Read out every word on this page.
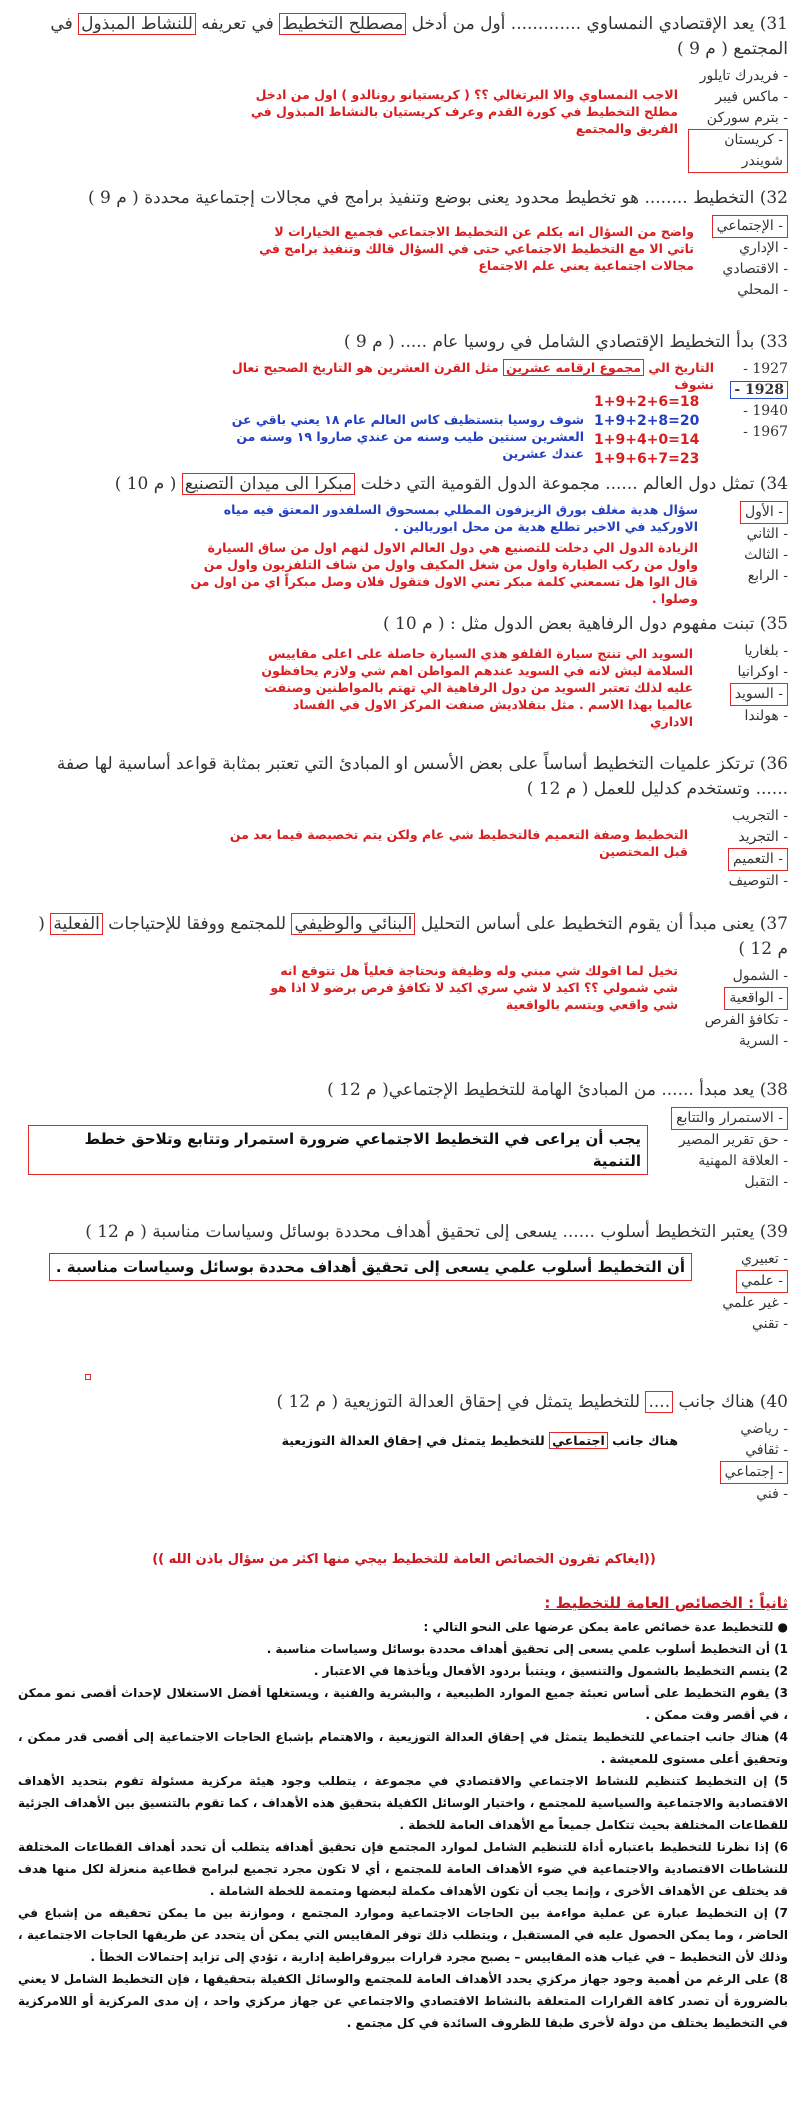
31) يعد الإقتصادي النمساوي ............. أول من أدخل مصطلح التخطيط في تعريفه للنشاط المبذول في المجتمع ( م 9 )
- فريدرك تايلور
- ماكس فيبر
- بترم سوركن
- كريستان شويندر
الاجب النمساوي والا البرتغالي ؟؟ ( كريستيانو رونالدو ) اول من ادخل مطلح التخطيط في كورة القدم وعرف كريستيان بالنشاط المبذول في الفريق والمجتمع
32) التخطيط ........ هو تخطيط محدود يعنى بوضع وتنفيذ برامج في مجالات إجتماعية محددة ( م 9 )
- الإجتماعي
- الإداري
- الاقتصادي
- المحلي
واضح من السؤال انه يكلم عن التخطيط الاجتماعي فجميع الخيارات لا تاتي الا مع التخطيط الاجتماعي حتى في السؤال قالك وتنفيذ برامج في مجالات اجتماعية يعني علم الاجتماع
33) بدأ التخطيط الإقتصادي الشامل في روسيا عام ..... ( م 9 )
1927 -
1928 -
1940 -
1967 -
التاريخ الي مجموع ارقامه عشرين مثل القرن العشرين هو التاريخ الصحيح تعال نشوف
1+9+2+6=18
1+9+2+8=20
1+9+4+0=14
1+9+6+7=23
شوف روسيا بتستظيف كاس العالم عام ١٨ يعني باقي عن العشرين سنتين طيب وسنه من عندي صاروا ١٩ وسنه من عندك عشرين
34) تمثل دول العالم ...... مجموعة الدول القومية التي دخلت مبكرا الى ميدان التصنيع ( م 10 )
- الأول
- الثاني
- الثالث
- الرابع
سؤال هدية مغلف بورق الزيزفون المطلي بمسحوق السلفدور المعتق فيه مياه الاوركيد في الاخير تطلع هدية من محل ابوريالين .
الزيادة الدول الي دخلت للتصنيع هي دول العالم الاول لنهم اول من ساق السيارة واول من ركب الطيارة واول من شغل المكيف واول من شاف التلفزيون واول من قال الوا هل تسمعني كلمة مبكر تعني الاول فتقول فلان وصل مبكراً اي من اول من وصلوا .
35) تبنت مفهوم دول الرفاهية بعض الدول مثل : ( م 10 )
- بلغاريا
- اوكرانيا
- السويد
- هولندا
السويد الي تنتج سيارة الفلفو هذي السيارة حاصلة على اعلى مقاييس السلامة ليش لانه في السويد عندهم المواطن اهم شي ولازم يحافظون عليه لذلك تعتبر السويد من دول الرفاهية الي تهتم بالمواطنين وصنفت عالميا بهذا الاسم . مثل بنقلاديش صنفت المركز الاول في الفساد الاداري
36) ترتكز علميات التخطيط أساساً على بعض الأسس او المبادئ التي تعتبر بمثابة قواعد أساسية لها صفة ...... وتستخدم كدليل للعمل ( م 12 )
- التجريب
- التجريد
- التعميم
- التوصيف
التخطيط وصفة التعميم فالتخطيط شي عام ولكن يتم تخصيصة فيما بعد من قبل المختصين
37) يعنى مبدأ أن يقوم التخطيط على أساس التحليل البنائي والوظيفي للمجتمع ووفقا للإحتياجات الفعلية ( م 12 )
- الشمول
- الواقعية
- تكافؤ الفرص
- السرية
تخيل لما اقولك شي مبني وله وظيفة ونحتاجة فعلياً هل تتوقع انه شي شمولي ؟؟ اكيد لا شي سري اكيد لا تكافؤ فرص برضو لا اذا هو شي واقعي ويتسم بالواقعية
38) يعد مبدأ ...... من المبادئ الهامة للتخطيط الإجتماعي( م 12 )
- الاستمرار والتتابع
- حق تقرير المصير
- العلاقة المهنية
- التقبل
يجب أن يراعى في التخطيط الاجتماعي ضرورة استمرار وتتابع وتلاحق خطط التنمية
39) يعتبر التخطيط أسلوب ...... يسعى إلى تحقيق أهداف محددة بوسائل وسياسات مناسبة ( م 12 )
- تعبيري
- علمي
- غير علمي
- تقني
أن التخطيط أسلوب علمي يسعى إلى تحقيق أهداف محددة بوسائل وسياسات مناسبة .
40) هناك جانب .... للتخطيط يتمثل في إحقاق العدالة التوزيعية ( م 12 )
- رياضي
- ثقافي
- إجتماعي
- فني
هناك جانب اجتماعي للتخطيط يتمثل في إحقاق العدالة التوزيعية
((ايغاكم تقرون الخصائص العامة للتخطيط بيجي منها اكثر من سؤال باذن الله ))
ثانياً : الخصائص العامة للتخطيط :
● للتخطيط عدة خصائص عامة يمكن عرضها على النحو التالي :
1) أن التخطيط أسلوب علمي يسعى إلى تحقيق أهداف محددة بوسائل وسياسات مناسبة .
2) يتسم التخطيط بالشمول والتنسيق ، ويتنبأ بردود الأفعال ويأخذها في الاعتبار .
3) يقوم التخطيط على أساس تعبئة جميع الموارد الطبيعية ، والبشرية والفنية ، ويستغلها أفضل الاستغلال لإحداث أقصى نمو ممكن ، في أقصر وقت ممكن .
4) هناك جانب اجتماعي للتخطيط يتمثل في إحقاق العدالة التوزيعية ، والاهتمام بإشباع الحاجات الاجتماعية إلى أقصى قدر ممكن ، وتحقيق أعلى مستوى للمعيشة .
5) إن التخطيط كتنظيم للنشاط الاجتماعي والاقتصادي في مجموعة ، يتطلب وجود هيئة مركزية مسئولة تقوم بتحديد الأهداف الاقتصادية والاجتماعية والسياسية للمجتمع ، واختيار الوسائل الكفيلة بتحقيق هذه الأهداف ، كما تقوم بالتنسيق بين الأهداف الجزئية للقطاعات المختلفة بحيث تتكامل جميعاً مع الأهداف العامة للخطة .
6) إذا نظرنا للتخطيط باعتباره أداة للتنظيم الشامل لموارد المجتمع فإن تحقيق أهدافه يتطلب أن تحدد أهداف القطاعات المختلفة للنشاطات الاقتصادية والاجتماعية في ضوء الأهداف العامة للمجتمع ، أي لا تكون مجرد تجميع لبرامج قطاعية منعزلة لكل منها هدف قد يختلف عن الأهداف الأخرى ، وإنما يجب أن تكون الأهداف مكملة لبعضها ومتممة للخطة الشاملة .
7) إن التخطيط عبارة عن عملية مواءمة بين الحاجات الاجتماعية وموارد المجتمع ، وموازنة بين ما يمكن تحقيقه من إشباع في الحاضر ، وما يمكن الحصول عليه في المستقبل ، ويتطلب ذلك توفر المقاييس التي يمكن أن يتحدد عن طريقها الحاجات الاجتماعية ، وذلك لأن التخطيط – في غياب هذه المقاييس – يصبح مجرد قرارات بيروقراطية إدارية ، تؤدي إلى تزايد إحتمالات الخطأ .
8) على الرغم من أهمية وجود جهاز مركزي يحدد الأهداف العامة للمجتمع والوسائل الكفيلة بتحقيقها ، فإن التخطيط الشامل لا يعني بالضرورة أن تصدر كافة القرارات المتعلقة بالنشاط الاقتصادي والاجتماعي عن جهاز مركزي واحد ، إن مدى المركزية أو اللامركزية في التخطيط يختلف من دولة لأخرى طبقا للظروف السائدة في كل مجتمع .
